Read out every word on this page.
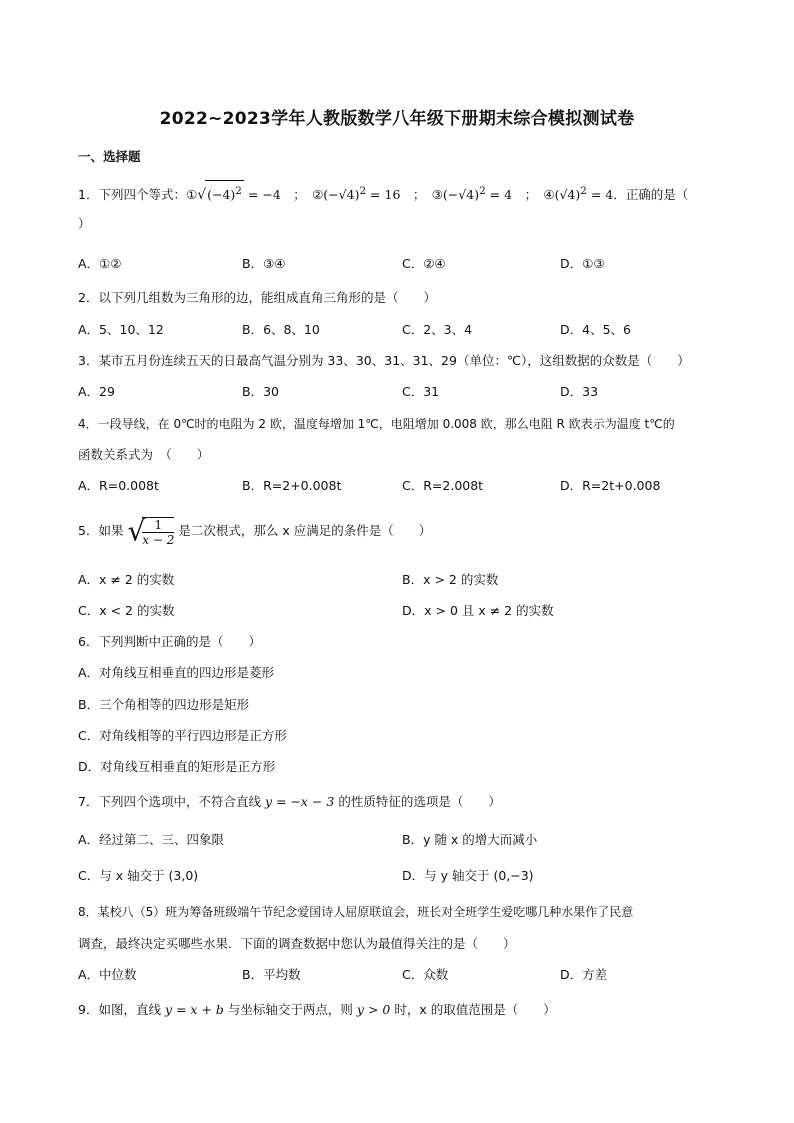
2022~2023学年人教版数学八年级下册期末综合模拟测试卷
一、选择题
1．下列四个等式：$①√(-4)^2 = -4$　 ；　 $②(-√4)^2 = 16$　 ；　 $③(-√4)^2 = 4$　 ；　 $④(√4)^2 = 4$．正确的是（
）
A．①②	B．③④	C．②④	D．①③
2．以下列几组数为三角形的边，能组成直角三角形的是（　　）
A．5、10、12	B．6、8、10	C．2、3、4	D．4、5、6
3．某市五月份连续五天的日最高气温分别为 33、30、31、31、29（单位：℃），这组数据的众数是（　　）
A．29	B．30	C．31	D．33
4．一段导线，在 0℃时的电阻为 2 欧，温度每增加 1℃，电阻增加 0.008 欧，那么电阻 R 欧表示为温度 t℃的
函数关系式为　（　　）
A．R=0.008t	B．R=2+0.008t	C．R=2.008t	D．R=2t+0.008
5．如果 √
$\frac{1}{x - 2}$ 是二次根式，那么 x 应满足的条件是（　　）
A．x ≠ 2 的实数	B．x > 2 的实数
C．x < 2 的实数	D．x > 0 且 x ≠ 2 的实数
6．下列判断中正确的是（　　）
A．对角线互相垂直的四边形是菱形
B．三个角相等的四边形是矩形
C．对角线相等的平行四边形是正方形
D．对角线互相垂直的矩形是正方形
7．下列四个选项中，不符合直线 y = −x − 3 的性质特征的选项是（　　）
A．经过第二、三、四象限	B．y 随 x 的增大而减小
C．与 x 轴交于 (3,0)	D．与 y 轴交于 (0,−3)
8．某校八（5）班为筹备班级端午节纪念爱国诗人屈原联谊会，班长对全班学生爱吃哪几种水果作了民意
调查，最终决定买哪些水果．下面的调查数据中您认为最值得关注的是（　　）
A．中位数	B．平均数	C．众数	D．方差
9．如图，直线 y = x + b 与坐标轴交于两点，则 y > 0 时，x 的取值范围是（　　）
